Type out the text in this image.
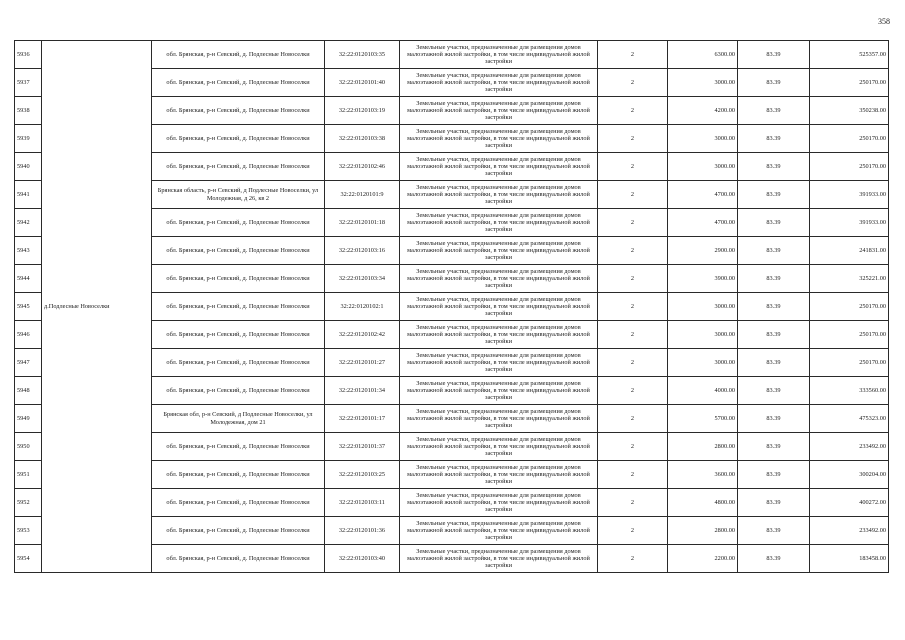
358
5936	д.Подлесные Новоселки	обл. Брянская, р-н Севский, д. Подлесные Новоселки	32:22:0120103:35	Земельные участки, предназначенные для размещения домов малоэтажной жилой застройки, в том числе индивидуальной жилой застройки	2	6300.00	83.39	525357.00
5937		обл. Брянская, р-н Севский, д. Подлесные Новоселки	32:22:0120101:40	Земельные участки, предназначенные для размещения домов малоэтажной жилой застройки, в том числе индивидуальной жилой застройки	2	3000.00	83.39	250170.00
5938		обл. Брянская, р-н Севский, д. Подлесные Новоселки	32:22:0120103:19	Земельные участки, предназначенные для размещения домов малоэтажной жилой застройки, в том числе индивидуальной жилой застройки	2	4200.00	83.39	350238.00
5939		обл. Брянская, р-н Севский, д. Подлесные Новоселки	32:22:0120103:38	Земельные участки, предназначенные для размещения домов малоэтажной жилой застройки, в том числе индивидуальной жилой застройки	2	3000.00	83.39	250170.00
5940		обл. Брянская, р-н Севский, д. Подлесные Новоселки	32:22:0120102:46	Земельные участки, предназначенные для размещения домов малоэтажной жилой застройки, в том числе индивидуальной жилой застройки	2	3000.00	83.39	250170.00
5941		Брянская область, р-н Севский, д Подлесные Новоселки, ул Молодежная, д 26, кв 2	32:22:0120101:9	Земельные участки, предназначенные для размещения домов малоэтажной жилой застройки, в том числе индивидуальной жилой застройки	2	4700.00	83.39	391933.00
5942		обл. Брянская, р-н Севский, д. Подлесные Новоселки	32:22:0120101:18	Земельные участки, предназначенные для размещения домов малоэтажной жилой застройки, в том числе индивидуальной жилой застройки	2	4700.00	83.39	391933.00
5943		обл. Брянская, р-н Севский, д. Подлесные Новоселки	32:22:0120103:16	Земельные участки, предназначенные для размещения домов малоэтажной жилой застройки, в том числе индивидуальной жилой застройки	2	2900.00	83.39	241831.00
5944		обл. Брянская, р-н Севский, д. Подлесные Новоселки	32:22:0120103:34	Земельные участки, предназначенные для размещения домов малоэтажной жилой застройки, в том числе индивидуальной жилой застройки	2	3900.00	83.39	325221.00
5945		обл. Брянская, р-н Севский, д. Подлесные Новоселки	32:22:0120102:1	Земельные участки, предназначенные для размещения домов малоэтажной жилой застройки, в том числе индивидуальной жилой застройки	2	3000.00	83.39	250170.00
5946		обл. Брянская, р-н Севский, д. Подлесные Новоселки	32:22:0120102:42	Земельные участки, предназначенные для размещения домов малоэтажной жилой застройки, в том числе индивидуальной жилой застройки	2	3000.00	83.39	250170.00
5947		обл. Брянская, р-н Севский, д. Подлесные Новоселки	32:22:0120101:27	Земельные участки, предназначенные для размещения домов малоэтажной жилой застройки, в том числе индивидуальной жилой застройки	2	3000.00	83.39	250170.00
5948		обл. Брянская, р-н Севский, д. Подлесные Новоселки	32:22:0120101:34	Земельные участки, предназначенные для размещения домов малоэтажной жилой застройки, в том числе индивидуальной жилой застройки	2	4000.00	83.39	333560.00
5949		Брянская обл, р-н Севский, д Подлесные Новоселки, ул Молодежная, дом 21	32:22:0120101:17	Земельные участки, предназначенные для размещения домов малоэтажной жилой застройки, в том числе индивидуальной жилой застройки	2	5700.00	83.39	475323.00
5950		обл. Брянская, р-н Севский, д. Подлесные Новоселки	32:22:0120101:37	Земельные участки, предназначенные для размещения домов малоэтажной жилой застройки, в том числе индивидуальной жилой застройки	2	2800.00	83.39	233492.00
5951		обл. Брянская, р-н Севский, д. Подлесные Новоселки	32:22:0120103:25	Земельные участки, предназначенные для размещения домов малоэтажной жилой застройки, в том числе индивидуальной жилой застройки	2	3600.00	83.39	300204.00
5952		обл. Брянская, р-н Севский, д. Подлесные Новоселки	32:22:0120103:11	Земельные участки, предназначенные для размещения домов малоэтажной жилой застройки, в том числе индивидуальной жилой застройки	2	4800.00	83.39	400272.00
5953		обл. Брянская, р-н Севский, д. Подлесные Новоселки	32:22:0120101:36	Земельные участки, предназначенные для размещения домов малоэтажной жилой застройки, в том числе индивидуальной жилой застройки	2	2800.00	83.39	233492.00
5954		обл. Брянская, р-н Севский, д. Подлесные Новоселки	32:22:0120103:40	Земельные участки, предназначенные для размещения домов малоэтажной жилой застройки, в том числе индивидуальной жилой застройки	2	2200.00	83.39	183458.00
